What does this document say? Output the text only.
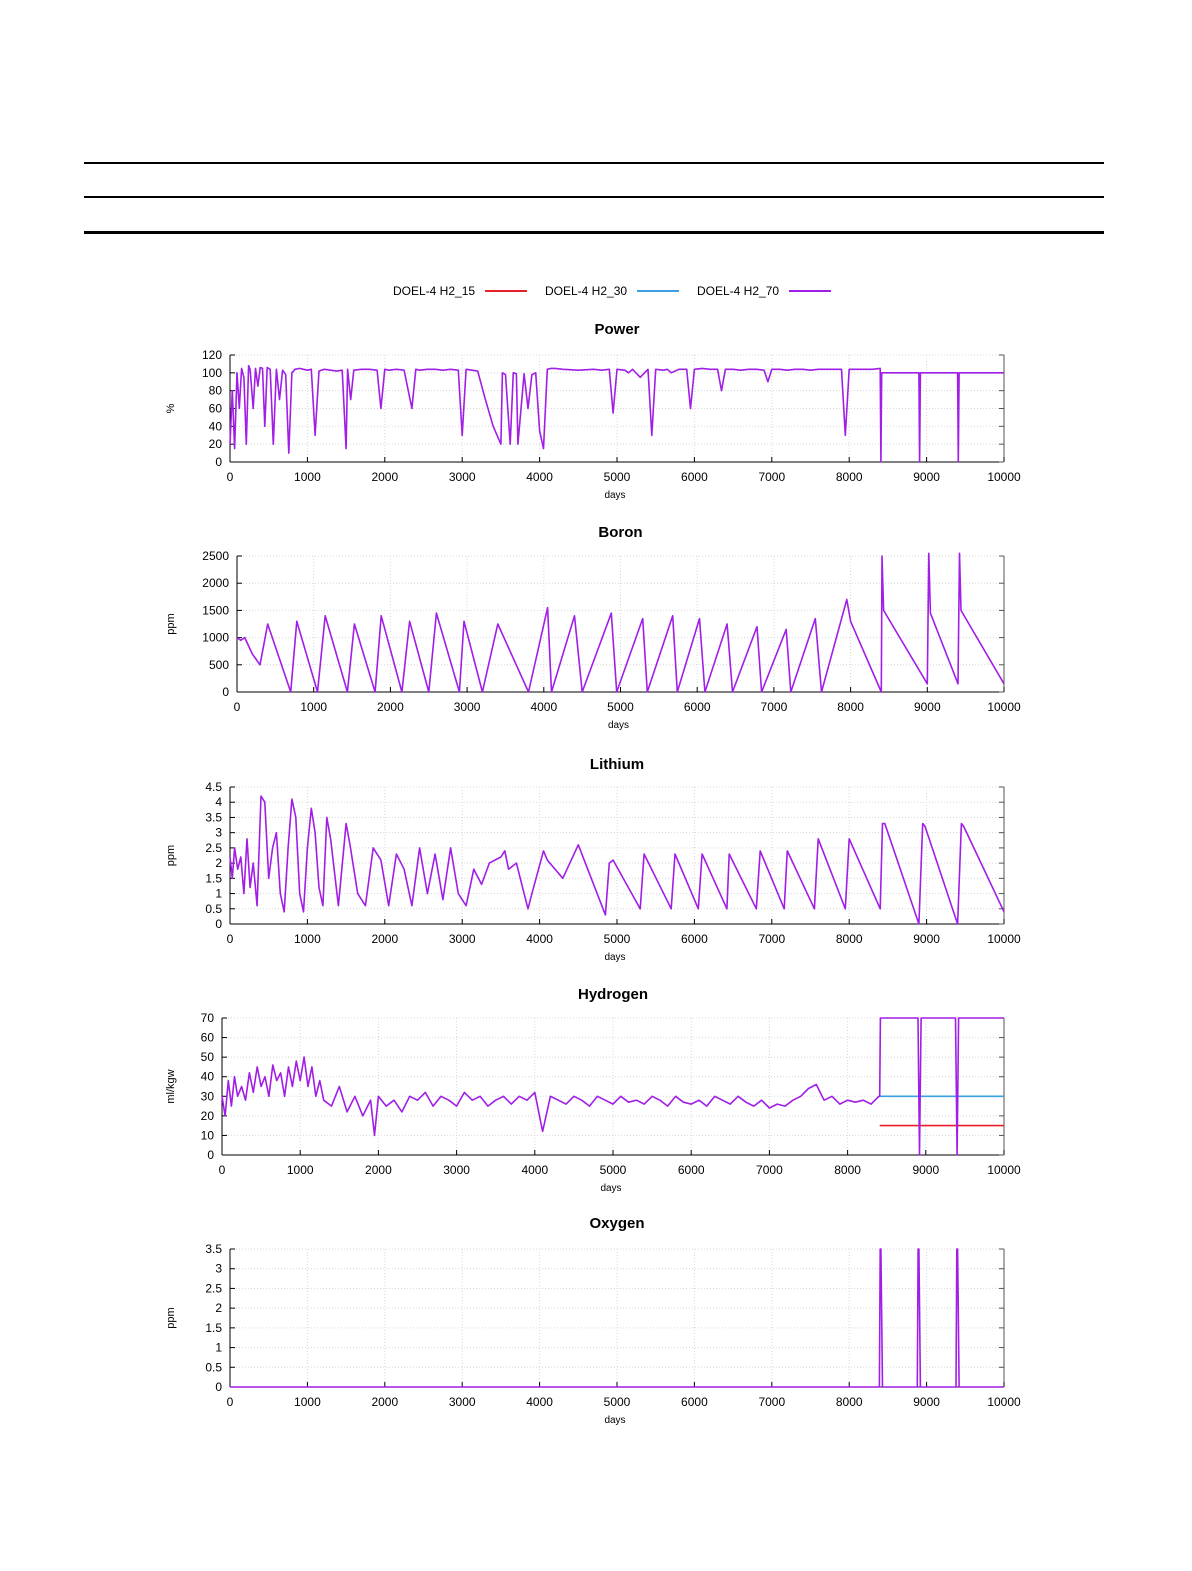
DOEL-4 H2_15	DOEL-4 H2_30	DOEL-4 H2_70
0	1000	2000	3000	4000	5000	6000	7000	8000	9000	10000
0
20
40
60
80
100
120
Power
days
%
0	1000	2000	3000	4000	5000	6000	7000	8000	9000	10000
0
500
1000
1500
2000
2500
Boron
days
ppm
0	1000	2000	3000	4000	5000	6000	7000	8000	9000	10000
0
0.5
1
1.5
2
2.5
3
3.5
4
4.5
Lithium
days
ppm
0	1000	2000	3000	4000	5000	6000	7000	8000	9000	10000
0
10
20
30
40
50
60
70
Hydrogen
days
ml/kgw
0	1000	2000	3000	4000	5000	6000	7000	8000	9000	10000
0
0.5
1
1.5
2
2.5
3
3.5
Oxygen
days
ppm
